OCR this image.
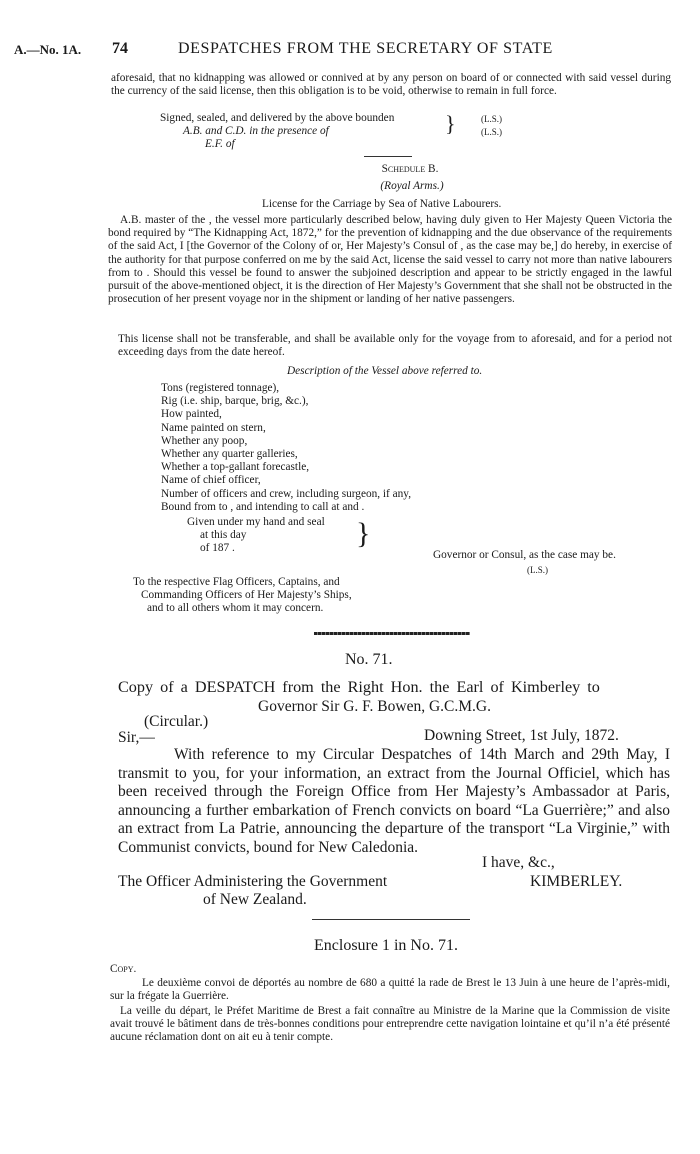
A.—No. 1A. 74	DESPATCHES FROM THE SECRETARY OF STATE
aforesaid, that no kidnapping was allowed or connived at by any person on board of or connected with said vessel during the currency of the said license, then this obligation is to be void, otherwise to remain in full force.
Signed, sealed, and delivered by the above bounden
A.B. and C.D. in the presence of
E.F. of
}	(L.S.)
(L.S.)
Schedule B.
(Royal Arms.)
License for the Carriage by Sea of Native Labourers.
A.B. master of the , the vessel more particularly described below, having duly given to Her Majesty Queen Victoria the bond required by “The Kidnapping Act, 1872,” for the prevention of kidnapping and the due observance of the requirements of the said Act, I [the Governor of the Colony of or, Her Majesty’s Consul of , as the case may be,] do hereby, in exercise of the authority for that purpose conferred on me by the said Act, license the said vessel to carry not more than native labourers from to . Should this vessel be found to answer the subjoined description and appear to be strictly engaged in the lawful pursuit of the above-mentioned object, it is the direction of Her Majesty’s Government that she shall not be obstructed in the prosecution of her present voyage nor in the shipment or landing of her native passengers.
This license shall not be transferable, and shall be available only for the voyage from to aforesaid, and for a period not exceeding days from the date hereof.
Description of the Vessel above referred to.
Tons (registered tonnage),
Rig (i.e. ship, barque, brig, &c.),
How painted,
Name painted on stern,
Whether any poop,
Whether any quarter galleries,
Whether a top-gallant forecastle,
Name of chief officer,
Number of officers and crew, including surgeon, if any,
Bound from to , and intending to call at and .
Given under my hand and seal
at this day
of 187 .	}
Governor or Consul, as the case may be.
(L.S.)
To the respective Flag Officers, Captains, and
Commanding Officers of Her Majesty’s Ships,
and to all others whom it may concern.
No. 71.
Copy of a DESPATCH from the Right Hon. the Earl of Kimberley to
Governor Sir G. F. Bowen, G.C.M.G.
(Circular.)
Sir,—	Downing Street, 1st July, 1872.
With reference to my Circular Despatches of 14th March and 29th May, I transmit to you, for your information, an extract from the Journal Officiel, which has been received through the Foreign Office from Her Majesty’s Ambassador at Paris, announcing a further embarkation of French convicts on board “La Guerrière;” and also an extract from La Patrie, announcing the departure of the transport “La Virginie,” with Communist convicts, bound for New Caledonia.
I have, &c.,
The Officer Administering the Government	KIMBERLEY.
of New Zealand.
Enclosure 1 in No. 71.
Copy.
Le deuxième convoi de déportés au nombre de 680 a quitté la rade de Brest le 13 Juin à une heure de l’après-midi, sur la frégate la Guerrière.
La veille du départ, le Préfet Maritime de Brest a fait connaître au Ministre de la Marine que la Commission de visite avait trouvé le bâtiment dans de très-bonnes conditions pour entreprendre cette navigation lointaine et qu’il n’a été présenté aucune réclamation dont on ait eu à tenir compte.
